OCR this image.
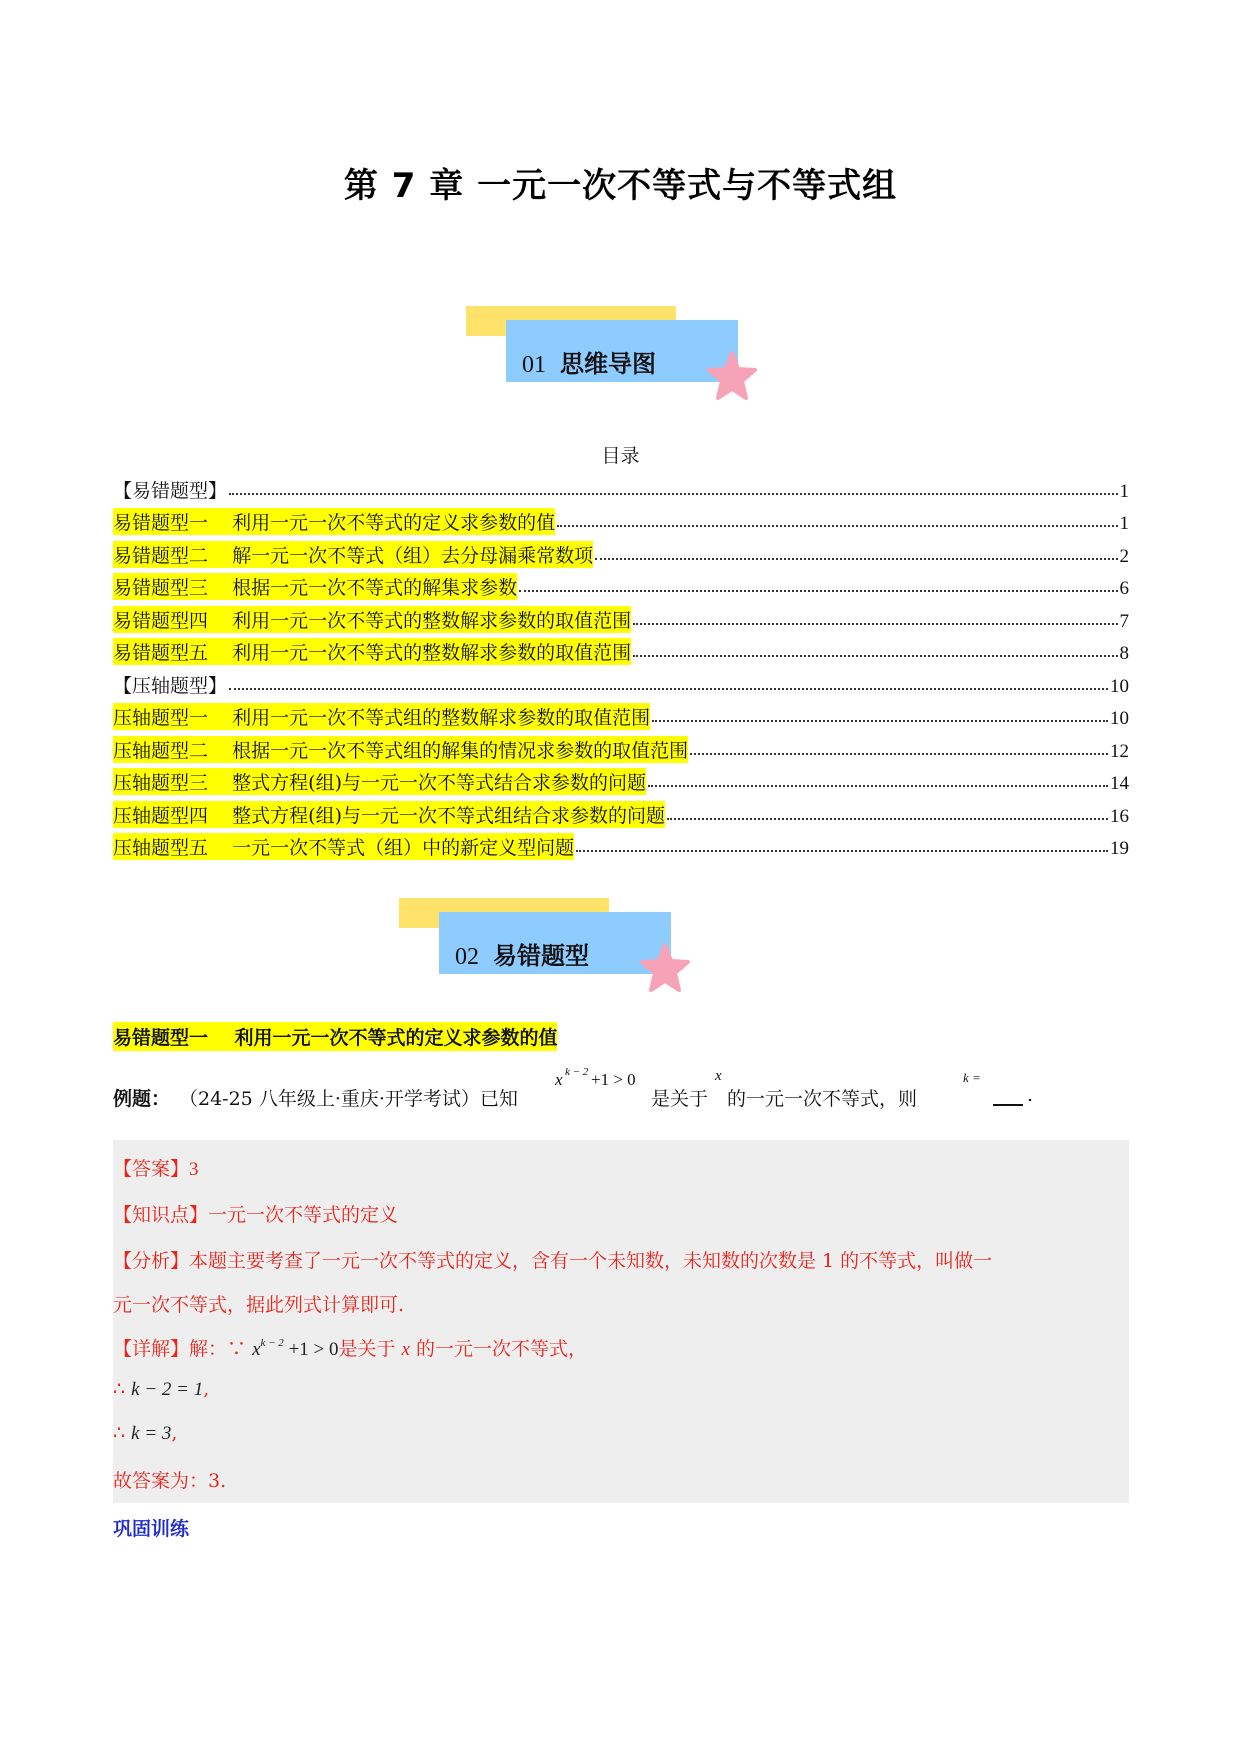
第 7 章 一元一次不等式与不等式组
01 思维导图
目录
【易错题型】	1
易错题型一    利用一元一次不等式的定义求参数的值	1
易错题型二    解一元一次不等式（组）去分母漏乘常数项	2
易错题型三    根据一元一次不等式的解集求参数	6
易错题型四    利用一元一次不等式的整数解求参数的取值范围	7
易错题型五    利用一元一次不等式的整数解求参数的取值范围	8
【压轴题型】	10
压轴题型一    利用一元一次不等式组的整数解求参数的取值范围	10
压轴题型二    根据一元一次不等式组的解集的情况求参数的取值范围	12
压轴题型三    整式方程(组)与一元一次不等式结合求参数的问题	14
压轴题型四    整式方程(组)与一元一次不等式组结合求参数的问题	16
压轴题型五    一元一次不等式（组）中的新定义型问题	19
02 易错题型
易错题型一    利用一元一次不等式的定义求参数的值
例题： （24-25 八年级上·重庆·开学考试）已知
x k − 2 +1 > 0
是关于
x
的一元一次不等式，则
k =
.
【答案】3
【知识点】一元一次不等式的定义
【分析】本题主要考查了一元一次不等式的定义，含有一个未知数，未知数的次数是 1 的不等式，叫做一
元一次不等式，据此列式计算即可.
【详解】解：∵ $x^{k - 2} +1 > 0$是关于 x 的一元一次不等式，
∴ k − 2 = 1,
∴ k = 3,
故答案为：3.
巩固训练
